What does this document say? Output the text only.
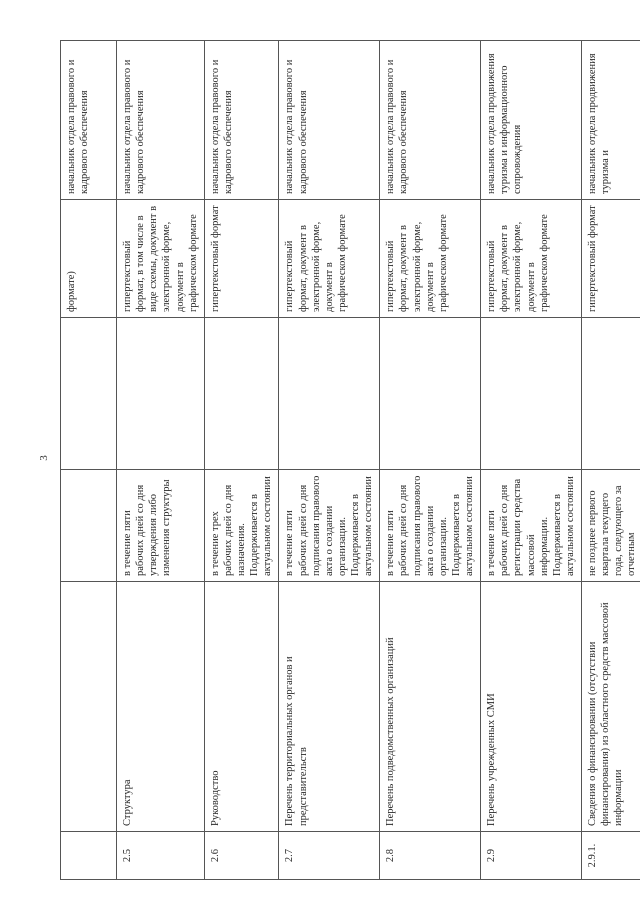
3
				формате)	начальник отдела правового и кадрового обеспечения
2.5	Структура	в течение пяти рабочих дней со дня утверждения либо изменения структуры		гипертекстовый формат, в том числе в виде схемы, документ в электронной форме, документ в графическом формате	начальник отдела правового и кадрового обеспечения
2.6	Руководство	в течение трех рабочих дней со дня назначения. Поддерживается в актуальном состоянии		гипертекстовый формат	начальник отдела правового и кадрового обеспечения
2.7	Перечень территориальных органов и представительств	в течение пяти рабочих дней со дня подписания правового акта о создании организации. Поддерживается в актуальном состоянии		гипертекстовый формат, документ в электронной форме, документ в графическом формате	начальник отдела правового и кадрового обеспечения
2.8	Перечень подведомственных организаций	в течение пяти рабочих дней со дня подписания правового акта о создании организации. Поддерживается в актуальном состоянии		гипертекстовый формат, документ в электронной форме, документ в графическом формате	начальник отдела правового и кадрового обеспечения
2.9	Перечень учрежденных СМИ	в течение пяти рабочих дней со дня регистрации средства массовой информации. Поддерживается в актуальном состоянии		гипертекстовый формат, документ в электронной форме, документ в графическом формате	начальник отдела продвижения туризма и информационного сопровождения
2.9.1.	Сведения о финансировании (отсутствии финансирования) из областного средств массовой информации	не позднее первого квартала текущего года, следующего за отчетным		гипертекстовый формат	начальник отдела продвижения туризма и
